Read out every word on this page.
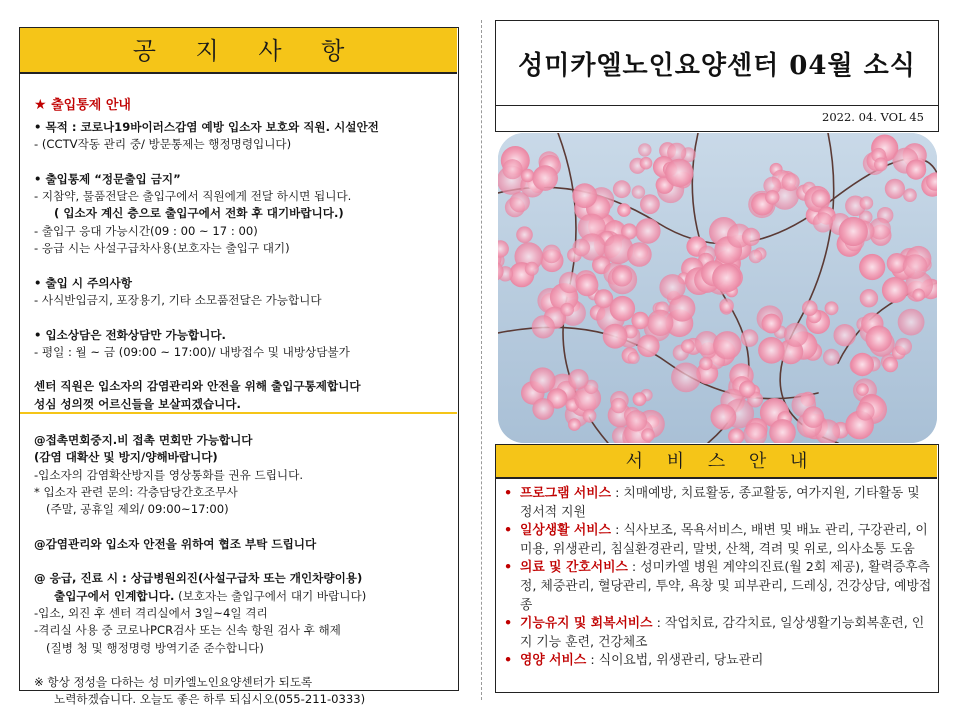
공 지 사 항
★ 출입통제 안내
• 목적 : 코로나19바이러스감염 예방 입소자 보호와 직원. 시설안전
- (CCTV작동 관리 중/ 방문통제는 행정명령입니다)
• 출입통제 “정문출입 금지”
- 지참약, 물품전달은 출입구에서 직원에게 전달 하시면 됩니다.
( 입소자 계신 층으로 출입구에서 전화 후 대기바랍니다.)
- 출입구 응대 가능시간(09 : 00 ~ 17 : 00)
- 응급 시는 사설구급차사용(보호자는 출입구 대기)
• 출입 시 주의사항
- 사식반입금지, 포장용기, 기타 소모품전달은 가능합니다
• 입소상담은 전화상담만 가능합니다.
- 평일 : 월 ~ 금 (09:00 ~ 17:00)/ 내방접수 및 내방상담불가
센터 직원은 입소자의 감염관리와 안전을 위해 출입구통제합니다
성심 성의껏 어르신들을 보살피겠습니다.
@접촉면회중지.비 접촉 면회만 가능합니다
(감염 대확산 및 방지/양해바랍니다)
-입소자의 감염확산방지를 영상통화를 권유 드립니다.
* 입소자 관련 문의: 각층담당간호조무사
(주말, 공휴일 제외/ 09:00~17:00)
@감염관리와 입소자 안전을 위하여 협조 부탁 드립니다
@ 응급, 진료 시 : 상급병원외진(사설구급차 또는 개인차량이용)
출입구에서 인계합니다. (보호자는 출입구에서 대기 바랍니다)
-입소, 외진 후 센터 격리실에서 3일~4일 격리
-격리실 사용 중 코로나PCR검사 또는 신속 항원 검사 후 해제
(질병 청 및 행정명령 방역기준 준수합니다)
※ 항상 정성을 다하는 성 미카엘노인요양센터가 되도록
노력하겠습니다. 오늘도 좋은 하루 되십시오(055-211-0333)
성미카엘노인요양센터 04월 소식
2022. 04. VOL 45
서 비 스 안 내
• 프로그램 서비스 : 치매예방, 치료활동, 종교활동, 여가지원, 기타활동 및 정서적 지원
• 일상생활 서비스 : 식사보조, 목욕서비스, 배변 및 배뇨 관리, 구강관리, 이미용, 위생관리, 침실환경관리, 말벗, 산책, 격려 및 위로, 의사소통 도움
• 의료 및 간호서비스 : 성미카엘 병원 계약의진료(월 2회 제공), 활력증후측정, 체중관리, 혈당관리, 투약, 욕창 및 피부관리, 드레싱, 건강상담, 예방접종
• 기능유지 및 회복서비스 : 작업치료, 감각치료, 일상생활기능회복훈련, 인지 기능 훈련, 건강체조
• 영양 서비스 : 식이요법, 위생관리, 당뇨관리
